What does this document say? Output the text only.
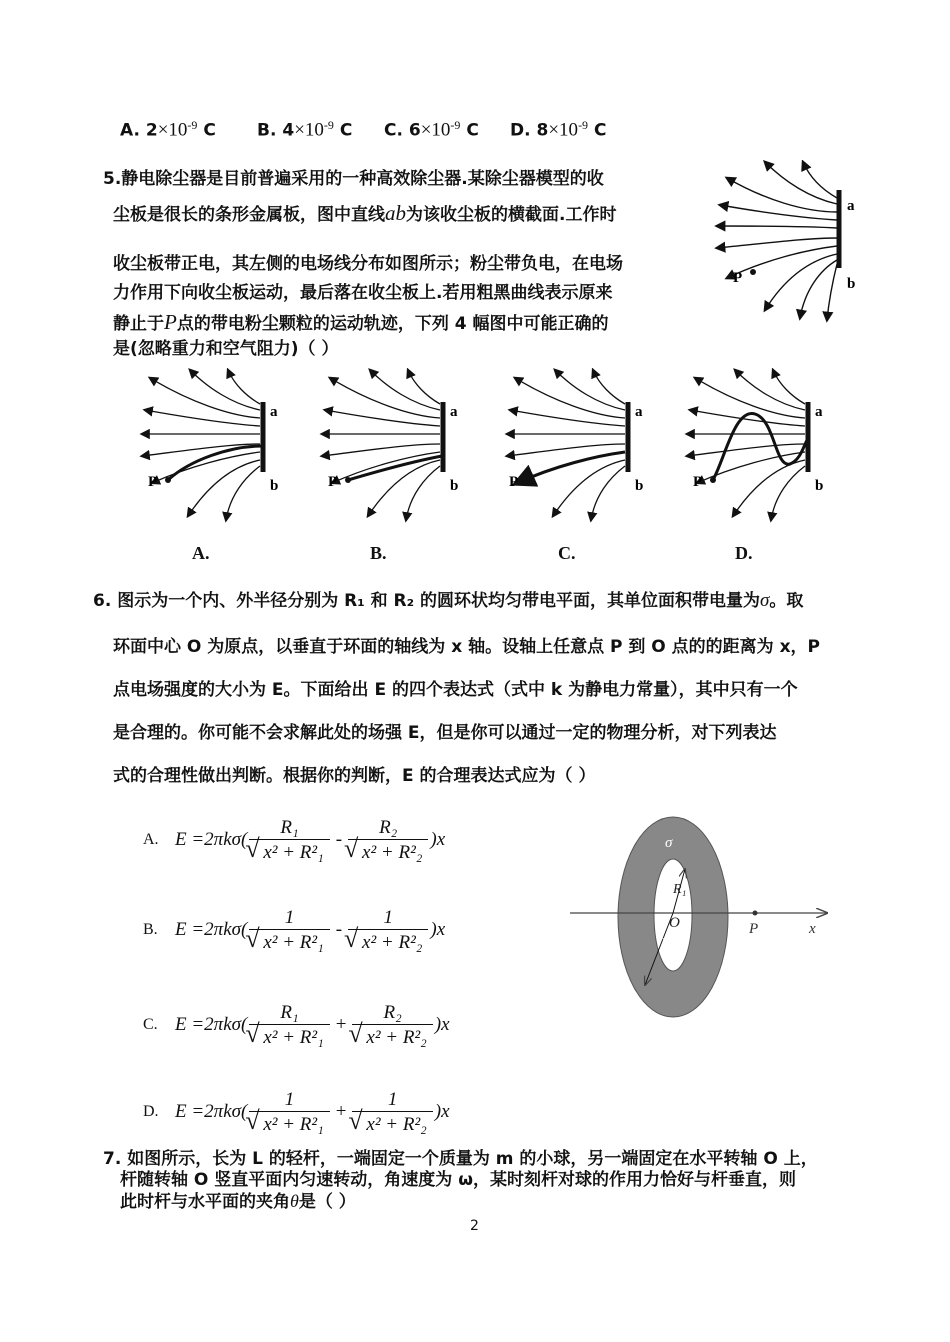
A. $2\times 10^{-9}$ C B. $4\times 10^{-9}$ C C. $6\times 10^{-9}$ C D. $8\times 10^{-9}$ C
5.静电除尘器是目前普遍采用的一种高效除尘器.某除尘器模型的收
尘板是很长的条形金属板，图中直线ab为该收尘板的横截面.工作时
收尘板带正电，其左侧的电场线分布如图所示；粉尘带负电，在电场
力作用下向收尘板运动，最后落在收尘板上.若用粗黑曲线表示原来
静止于P点的带电粉尘颗粒的运动轨迹，下列 4 幅图中可能正确的
是(忽略重力和空气阻力)（ ）
a
b
P
a
b
P
a
b
P
a
b
P
a
b
P
A.	B.	C.	D.
6. 图示为一个内、外半径分别为 R₁ 和 R₂ 的圆环状均匀带电平面，其单位面积带电量为σ。取
环面中心 O 为原点，以垂直于环面的轴线为 x 轴。设轴上任意点 P 到 O 点的的距离为 x，P
点电场强度的大小为 E。下面给出 E 的四个表达式（式中 k 为静电力常量），其中只有一个
是合理的。你可能不会求解此处的场强 E，但是你可以通过一定的物理分析，对下列表达
式的合理性做出判断。根据你的判断，E 的合理表达式应为（ ）
A. E =2πkσ( R₁
√ x² + R²₁ - R₂
√ x² + R²₂ )x
B. E =2πkσ( 1
√ x² + R²₁ - 1
√ x² + R²₂ )x
C. E =2πkσ( R₁
√ x² + R²₁ + R₂
√ x² + R²₂ )x
D. E =2πkσ( 1
√ x² + R²₁ + 1
√ x² + R²₂ )x
σ
R₁
O
R₂
P	x
7. 如图所示，长为 L 的轻杆，一端固定一个质量为 m 的小球，另一端固定在水平转轴 O 上，
杆随转轴 O 竖直平面内匀速转动，角速度为 ω，某时刻杆对球的作用力恰好与杆垂直，则
此时杆与水平面的夹角θ是（ ）
2
